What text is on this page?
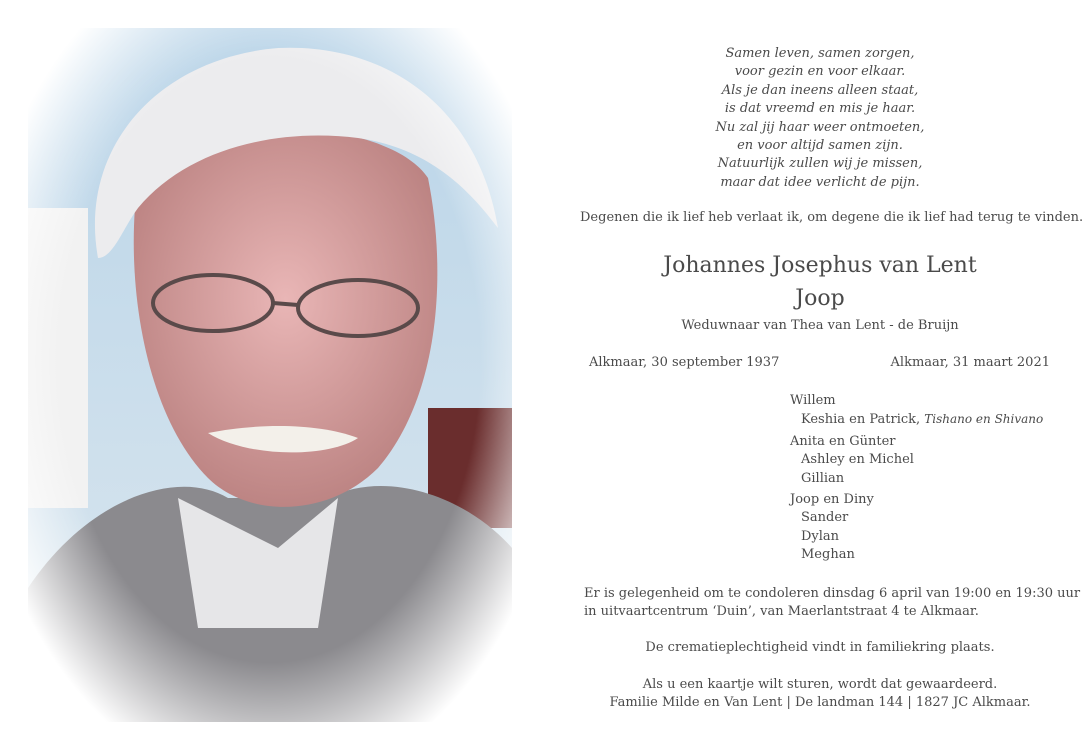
Samen leven, samen zorgen,
voor gezin en voor elkaar.
Als je dan ineens alleen staat,
is dat vreemd en mis je haar.
Nu zal jij haar weer ontmoeten,
en voor altijd samen zijn.
Natuurlijk zullen wij je missen,
maar dat idee verlicht de pijn.
Degenen die ik lief heb verlaat ik, om degene die ik lief had terug te vinden.
Johannes Josephus van Lent
Joop
Weduwnaar van Thea van Lent - de Bruijn
Alkmaar, 30 september 1937	Alkmaar, 31 maart 2021
Willem
Keshia en Patrick, Tishano en Shivano
Anita en Günter
Ashley en Michel
Gillian
Joop en Diny
Sander
Dylan
Meghan
Er is gelegenheid om te condoleren dinsdag 6 april van 19:00 en 19:30 uur
in uitvaartcentrum ‘Duin’, van Maerlantstraat 4 te Alkmaar.
De crematieplechtigheid vindt in familiekring plaats.
Als u een kaartje wilt sturen, wordt dat gewaardeerd.
Familie Milde en Van Lent | De landman 144 | 1827 JC Alkmaar.
